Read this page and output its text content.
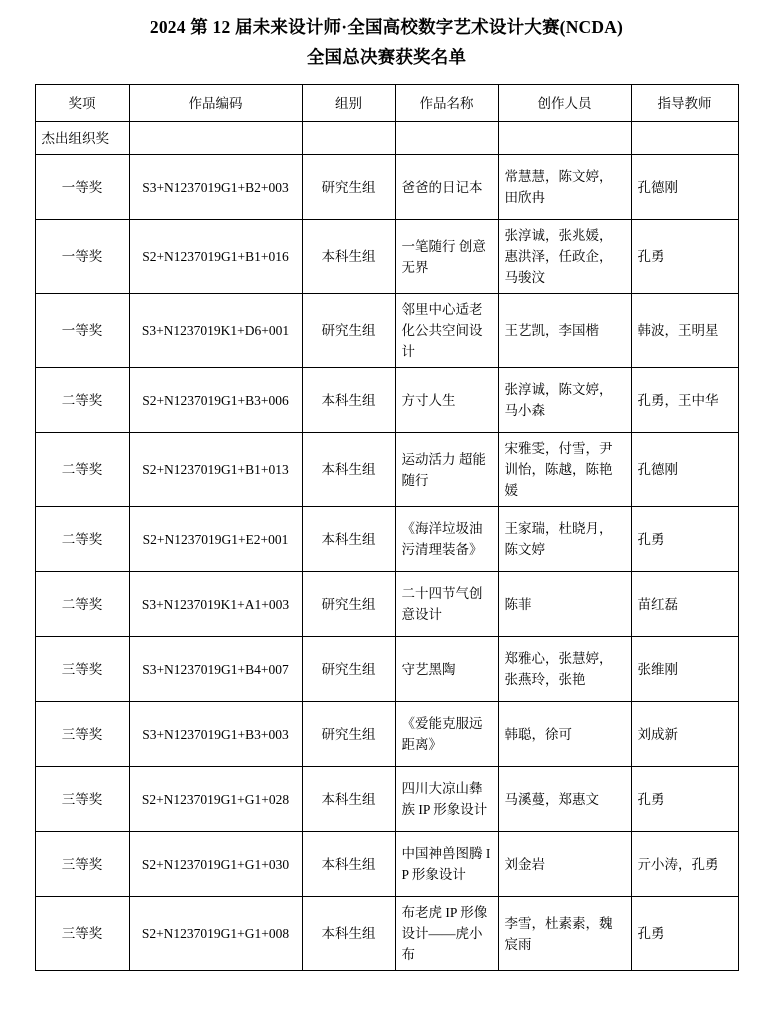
2024 第 12 届未来设计师·全国高校数字艺术设计大赛(NCDA)
全国总决赛获奖名单
奖项	作品编码	组别	作品名称	创作人员	指导教师
杰出组织奖					

一等奖	S3+N1237019G1+B2+003	研究生组	爸爸的日记本	常慧慧，陈文婷，田欣冉	孔德刚

一等奖	S2+N1237019G1+B1+016	本科生组	一笔随行 创意无界	张淳诚，张兆媛，惠洪泽，任政企，马骏汶	孔勇

一等奖	S3+N1237019K1+D6+001	研究生组	邻里中心适老化公共空间设计	王艺凯，李国楷	韩波，王明星

二等奖	S2+N1237019G1+B3+006	本科生组	方寸人生	张淳诚，陈文婷，马小森	孔勇，王中华

二等奖	S2+N1237019G1+B1+013	本科生组	运动活力 超能随行	宋雅雯，付雪，尹训怡，陈越，陈艳媛	孔德刚

二等奖	S2+N1237019G1+E2+001	本科生组	《海洋垃圾油污清理装备》	王家瑞，杜晓月，陈文婷	孔勇

二等奖	S3+N1237019K1+A1+003	研究生组	二十四节气创意设计	陈菲	苗红磊

三等奖	S3+N1237019G1+B4+007	研究生组	守艺黑陶	郑雅心，张慧婷，张燕玲，张艳	张维刚

三等奖	S3+N1237019G1+B3+003	研究生组	《爱能克服远距离》	韩聪，徐可	刘成新

三等奖	S2+N1237019G1+G1+028	本科生组	四川大凉山彝族 IP 形象设计	马溪蔓，郑惠文	孔勇

三等奖	S2+N1237019G1+G1+030	本科生组	中国神兽图腾 IP 形象设计	刘金岩	亓小涛，孔勇

三等奖	S2+N1237019G1+G1+008	本科生组	布老虎 IP 形像设计——虎小布	李雪，杜素素，魏宸雨	孔勇
